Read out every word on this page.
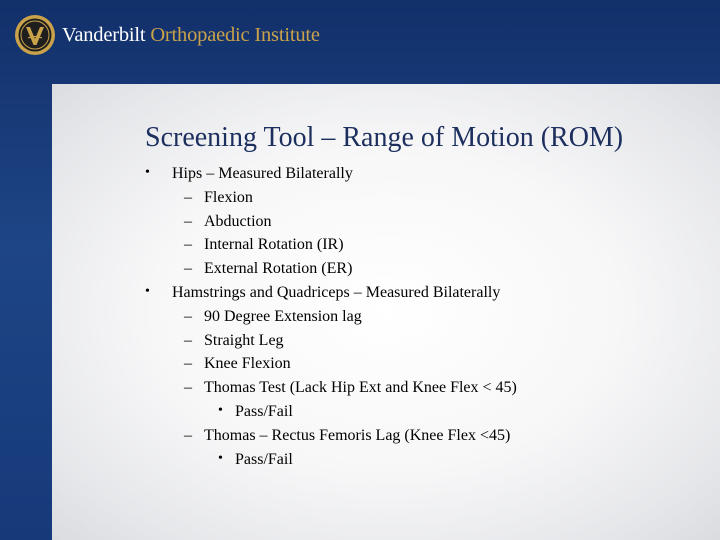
Vanderbilt Orthopaedic Institute
Screening Tool – Range of Motion (ROM)
• Hips – Measured Bilaterally
– Flexion
– Abduction
– Internal Rotation (IR)
– External Rotation (ER)
• Hamstrings and Quadriceps – Measured Bilaterally
– 90 Degree Extension lag
– Straight Leg
– Knee Flexion
– Thomas Test (Lack Hip Ext and Knee Flex < 45)
• Pass/Fail
– Thomas – Rectus Femoris Lag (Knee Flex <45)
• Pass/Fail
